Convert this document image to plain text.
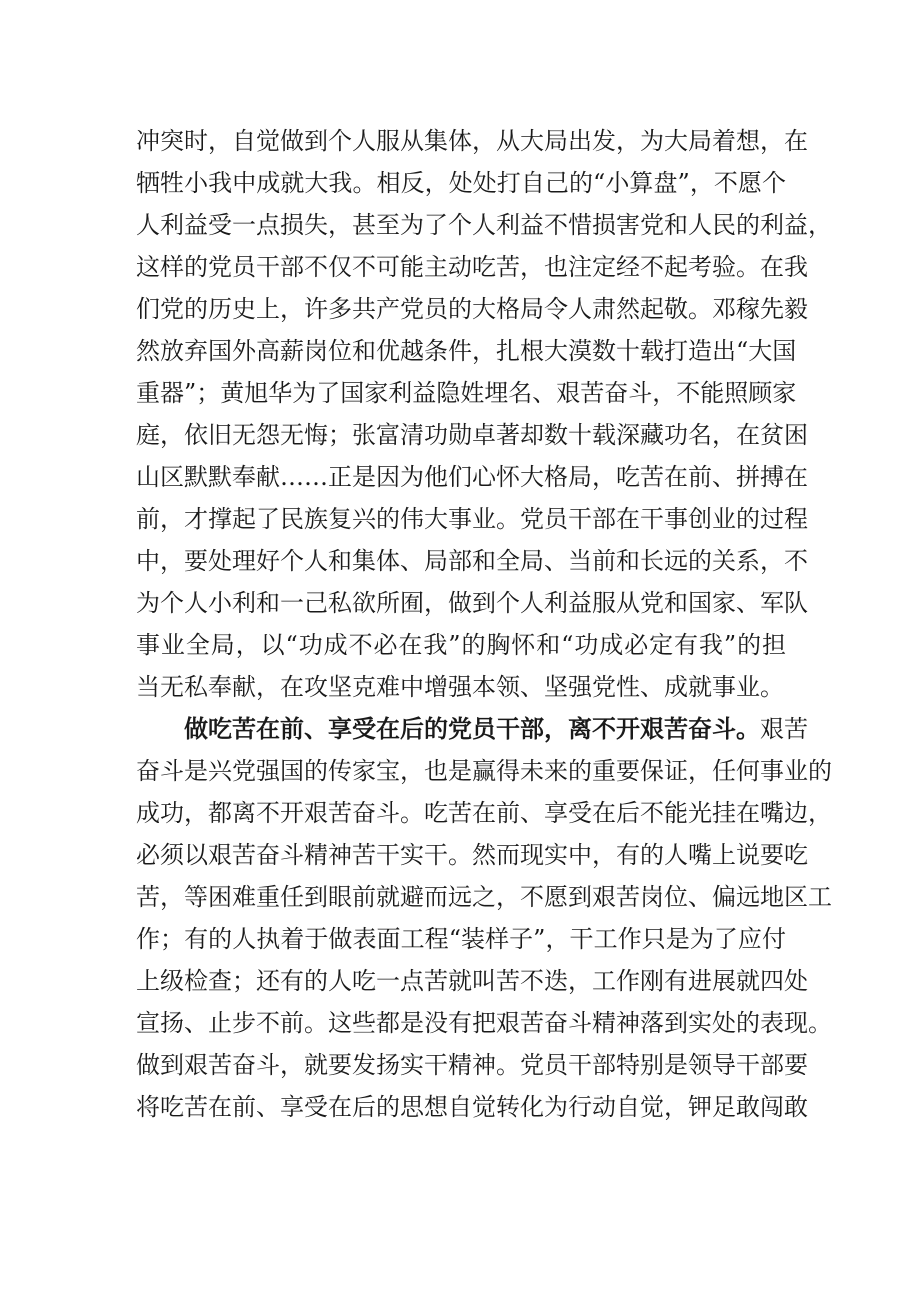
冲突时，自觉做到个人服从集体，从大局出发，为大局着想，在
牺牲小我中成就大我。相反，处处打自己的“小算盘”，不愿个
人利益受一点损失，甚至为了个人利益不惜损害党和人民的利益，
这样的党员干部不仅不可能主动吃苦，也注定经不起考验。在我
们党的历史上，许多共产党员的大格局令人肃然起敬。邓稼先毅
然放弃国外高薪岗位和优越条件，扎根大漠数十载打造出“大国
重器”；黄旭华为了国家利益隐姓埋名、艰苦奋斗，不能照顾家
庭，依旧无怨无悔；张富清功勋卓著却数十载深藏功名，在贫困
山区默默奉献……正是因为他们心怀大格局，吃苦在前、拼搏在
前，才撑起了民族复兴的伟大事业。党员干部在干事创业的过程
中，要处理好个人和集体、局部和全局、当前和长远的关系，不
为个人小利和一己私欲所囿，做到个人利益服从党和国家、军队
事业全局，以“功成不必在我”的胸怀和“功成必定有我”的担
当无私奉献，在攻坚克难中增强本领、坚强党性、成就事业。
做吃苦在前、享受在后的党员干部，离不开艰苦奋斗。艰苦
奋斗是兴党强国的传家宝，也是赢得未来的重要保证，任何事业的
成功，都离不开艰苦奋斗。吃苦在前、享受在后不能光挂在嘴边，
必须以艰苦奋斗精神苦干实干。然而现实中，有的人嘴上说要吃
苦，等困难重任到眼前就避而远之，不愿到艰苦岗位、偏远地区工
作；有的人执着于做表面工程“装样子”，干工作只是为了应付
上级检查；还有的人吃一点苦就叫苦不迭，工作刚有进展就四处
宣扬、止步不前。这些都是没有把艰苦奋斗精神落到实处的表现。
做到艰苦奋斗，就要发扬实干精神。党员干部特别是领导干部要
将吃苦在前、享受在后的思想自觉转化为行动自觉，钾足敢闯敢
